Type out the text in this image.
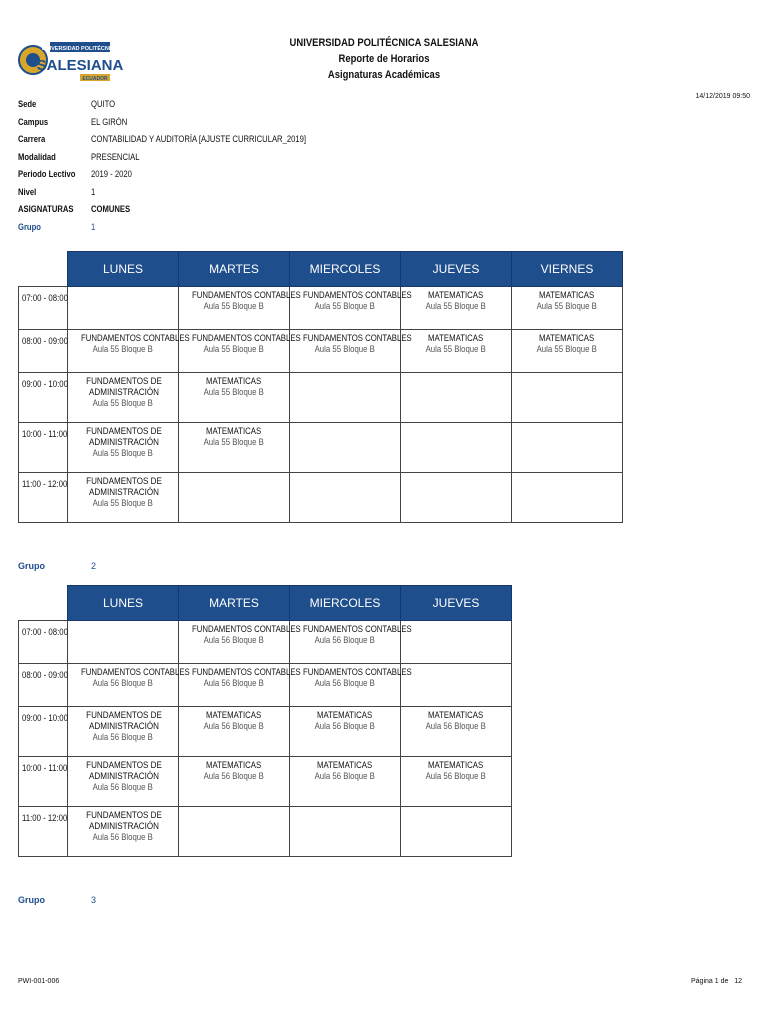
UNIVERSIDAD POLITÉCNICA
SALESIANA
ECUADOR
UNIVERSIDAD POLITÉCNICA SALESIANA
Reporte de Horarios
Asignaturas Académicas
14/12/2019 09:50
Sede	QUITO
Campus	EL GIRÓN
Carrera	CONTABILIDAD Y AUDITORÍA [AJUSTE CURRICULAR_2019]
Modalidad	PRESENCIAL
Periodo Lectivo 2019 - 2020
Nivel	1
ASIGNATURAS COMUNES
Grupo	1
	LUNES	MARTES	MIERCOLES	JUEVES	VIERNES
07:00 - 08:00		FUNDAMENTOS CONTABLES
Aula 55 Bloque B	FUNDAMENTOS CONTABLES
Aula 55 Bloque B	MATEMATICAS
Aula 55 Bloque B	MATEMATICAS
Aula 55 Bloque B

08:00 - 09:00	FUNDAMENTOS CONTABLES
Aula 55 Bloque B	FUNDAMENTOS CONTABLES
Aula 55 Bloque B	FUNDAMENTOS CONTABLES
Aula 55 Bloque B	MATEMATICAS
Aula 55 Bloque B	MATEMATICAS
Aula 55 Bloque B

09:00 - 10:00	FUNDAMENTOS DE ADMINISTRACIÓN
Aula 55 Bloque B	MATEMATICAS
Aula 55 Bloque B			

10:00 - 11:00	FUNDAMENTOS DE ADMINISTRACIÓN
Aula 55 Bloque B	MATEMATICAS
Aula 55 Bloque B			

11:00 - 12:00	FUNDAMENTOS DE ADMINISTRACIÓN
Aula 55 Bloque B				

Grupo	2
	LUNES	MARTES	MIERCOLES	JUEVES
07:00 - 08:00		FUNDAMENTOS CONTABLES
Aula 56 Bloque B	FUNDAMENTOS CONTABLES
Aula 56 Bloque B	

08:00 - 09:00	FUNDAMENTOS CONTABLES
Aula 56 Bloque B	FUNDAMENTOS CONTABLES
Aula 56 Bloque B	FUNDAMENTOS CONTABLES
Aula 56 Bloque B	

09:00 - 10:00	FUNDAMENTOS DE ADMINISTRACIÓN
Aula 56 Bloque B	MATEMATICAS
Aula 56 Bloque B	MATEMATICAS
Aula 56 Bloque B	MATEMATICAS
Aula 56 Bloque B

10:00 - 11:00	FUNDAMENTOS DE ADMINISTRACIÓN
Aula 56 Bloque B	MATEMATICAS
Aula 56 Bloque B	MATEMATICAS
Aula 56 Bloque B	MATEMATICAS
Aula 56 Bloque B

11:00 - 12:00	FUNDAMENTOS DE ADMINISTRACIÓN
Aula 56 Bloque B			

Grupo	3
PWI-001-006	Página 1 de 12
